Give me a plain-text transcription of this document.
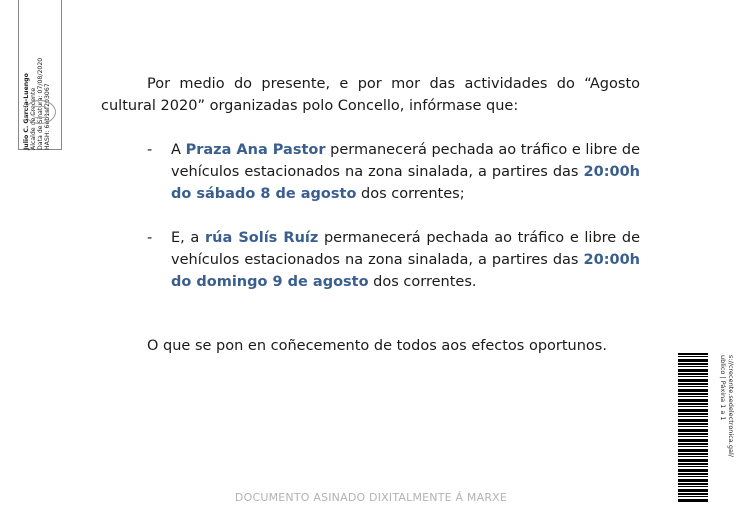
Julio C. García-Luengo Alcalde de Crecente Data de Sinatura: 07/08/2020 HASH: 6eb1af203067	Por medio do presente, e por mor das actividades do “Agosto cultural 2020” organizadas polo Concello, infórmase que:

- A Praza Ana Pastor permanecerá pechada ao tráfico e libre de vehículos estacionados na zona sinalada, a partires das 20:00h do sábado 8 de agosto dos correntes;

- E, a rúa Solís Ruíz permanecerá pechada ao tráfico e libre de vehículos estacionados na zona sinalada, a partires das 20:00h do domingo 9 de agosto dos correntes.

O que se pon en coñecemento de todos aos efectos oportunos.

s://crecente.sedelectronica.gal/
ublico | Páxina 1 a 1
DOCUMENTO ASINADO DIXITALMENTE Á MARXE
